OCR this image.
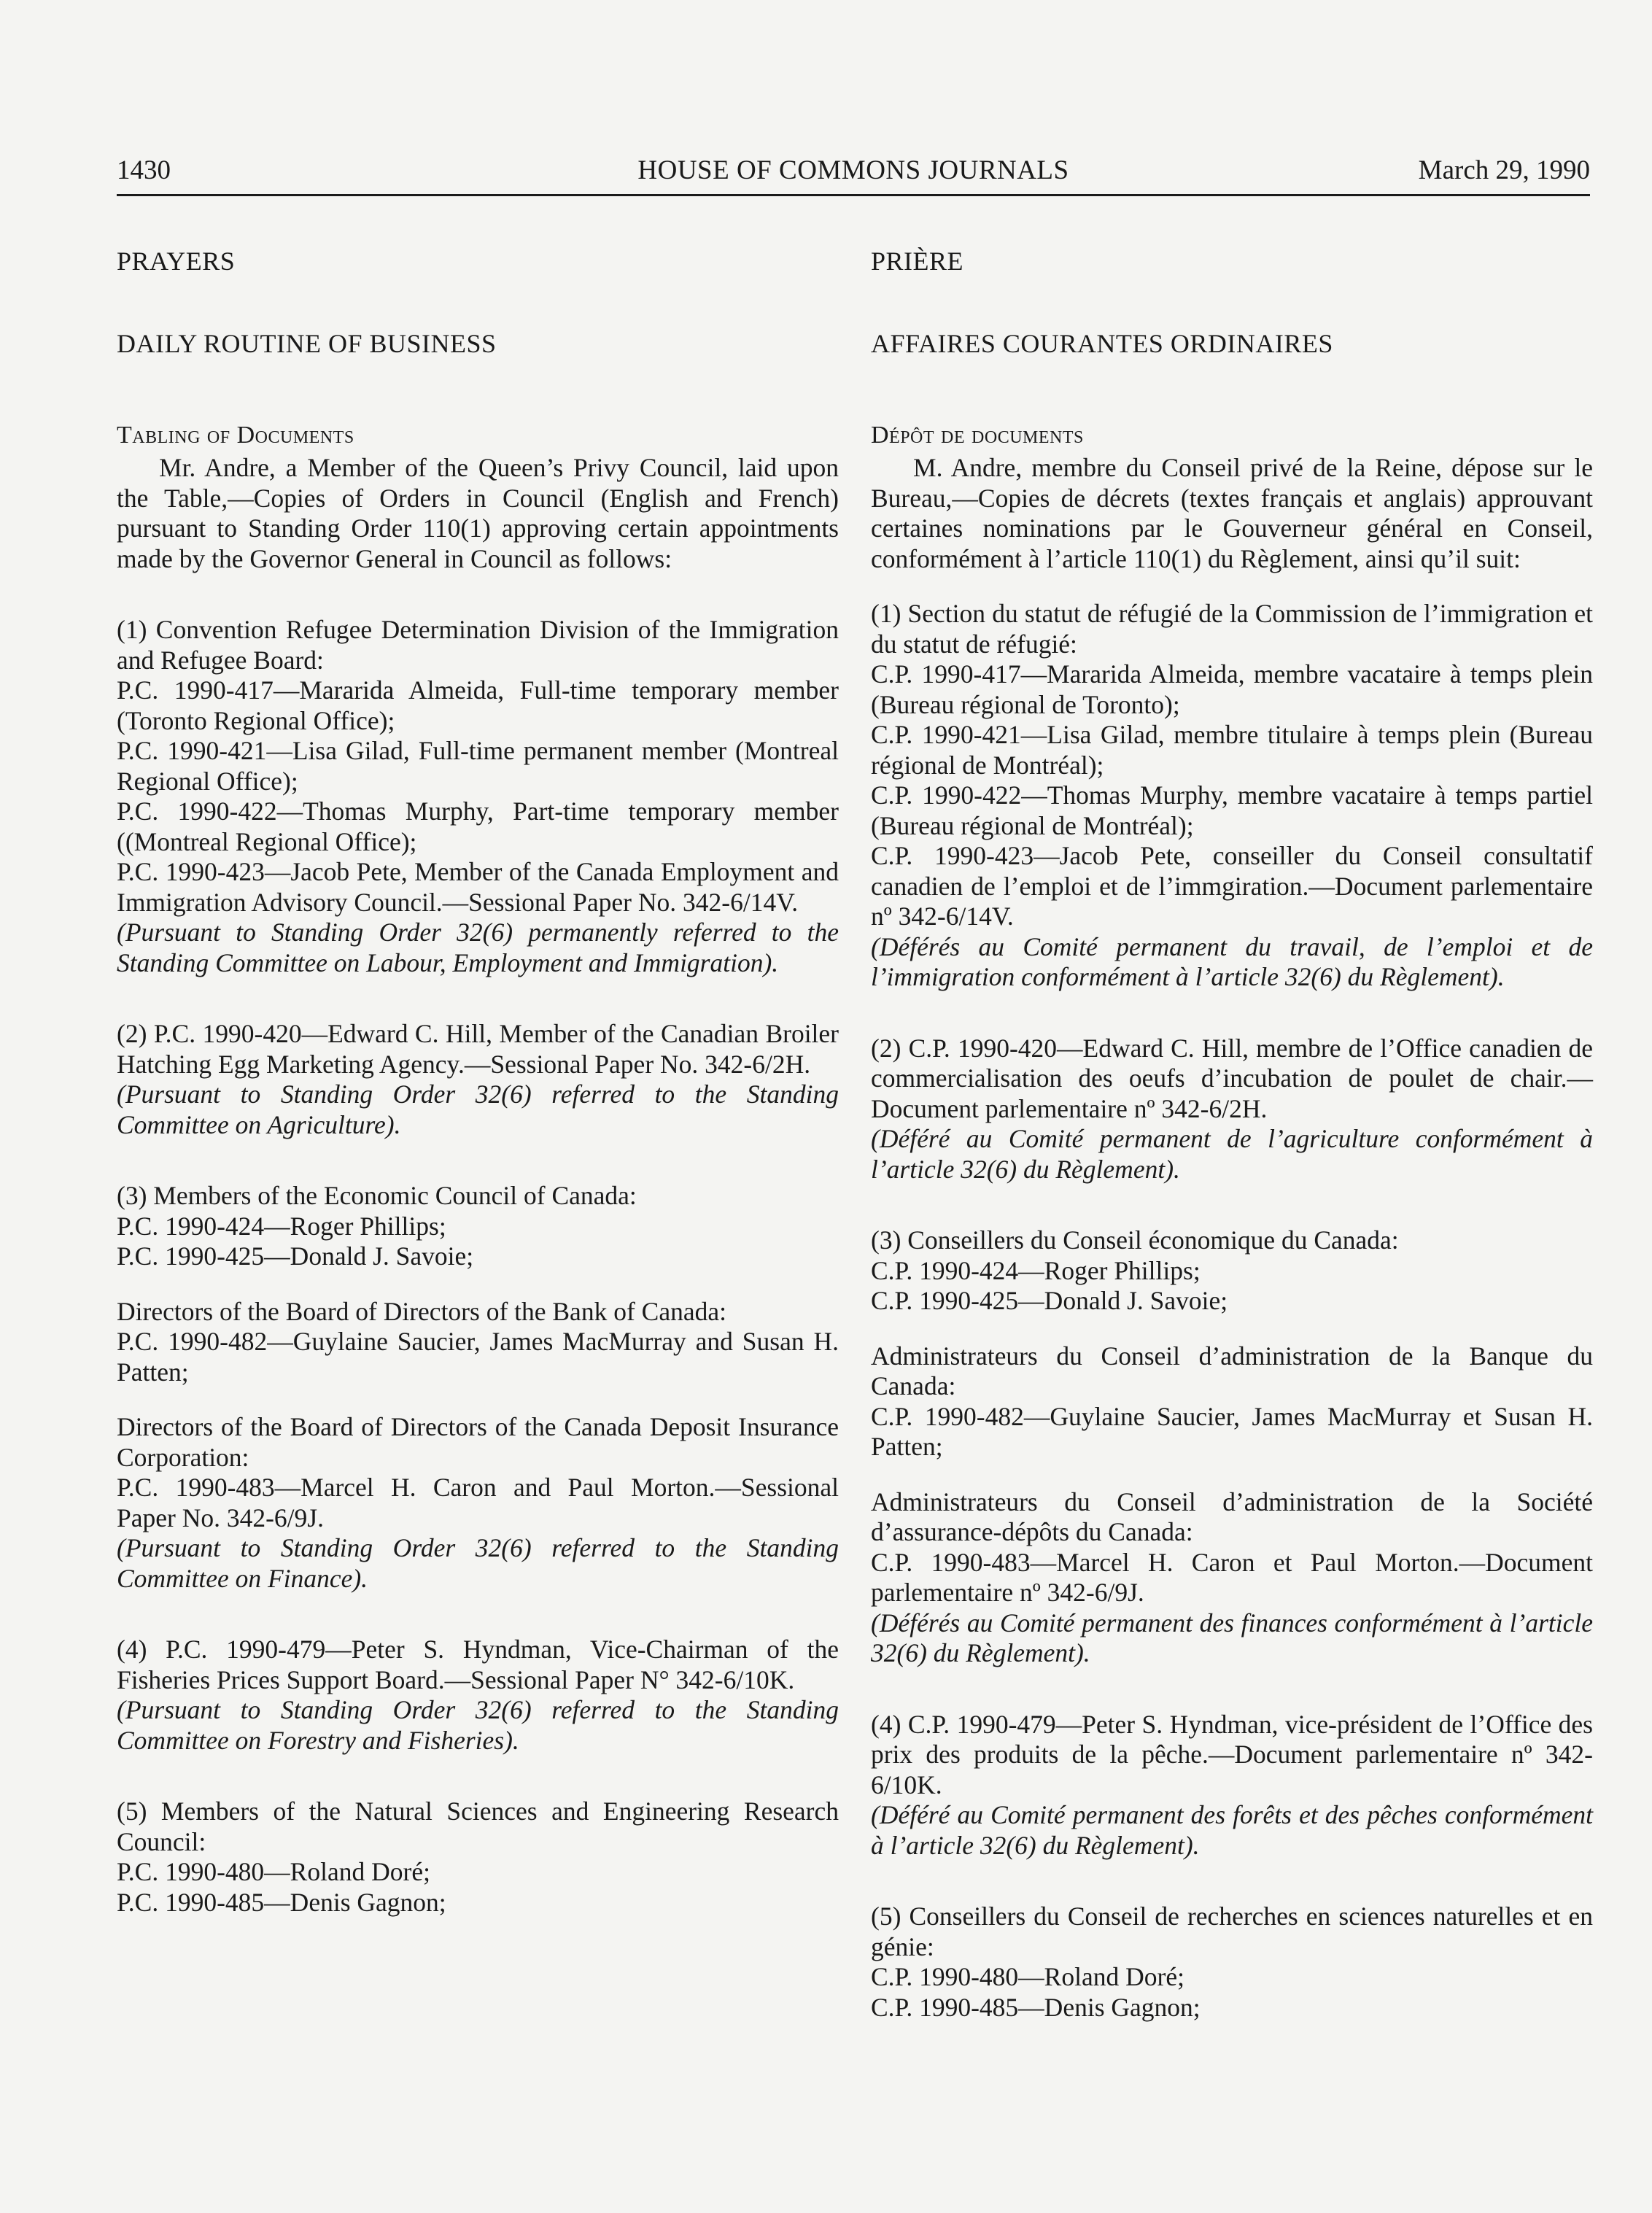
1430	HOUSE OF COMMONS JOURNALS	March 29, 1990
PRAYERS
DAILY ROUTINE OF BUSINESS
Tabling of Documents

Mr. Andre, a Member of the Queen’s Privy Council, laid upon the Table,—Copies of Orders in Council (English and French) pursuant to Standing Order 110(1) approving certain appointments made by the Governor General in Council as follows:

(1) Convention Refugee Determination Division of the Immigration and Refugee Board:

P.C. 1990-417—Mararida Almeida, Full-time temporary member (Toronto Regional Office);

P.C. 1990-421—Lisa Gilad, Full-time permanent member (Montreal Regional Office);

P.C. 1990-422—Thomas Murphy, Part-time temporary member ((Montreal Regional Office);

P.C. 1990-423—Jacob Pete, Member of the Canada Employment and Immigration Advisory Council.—Sessional Paper No. 342-6/14V.

(Pursuant to Standing Order 32(6) permanently referred to the Standing Committee on Labour, Employment and Immigration).

(2) P.C. 1990-420—Edward C. Hill, Member of the Canadian Broiler Hatching Egg Marketing Agency.—Sessional Paper No. 342-6/2H.

(Pursuant to Standing Order 32(6) referred to the Standing Committee on Agriculture).

(3) Members of the Economic Council of Canada:

P.C. 1990-424—Roger Phillips;

P.C. 1990-425—Donald J. Savoie;

Directors of the Board of Directors of the Bank of Canada:

P.C. 1990-482—Guylaine Saucier, James MacMurray and Susan H. Patten;

Directors of the Board of Directors of the Canada Deposit Insurance Corporation:

P.C. 1990-483—Marcel H. Caron and Paul Morton.—Sessional Paper No. 342-6/9J.

(Pursuant to Standing Order 32(6) referred to the Standing Committee on Finance).

(4) P.C. 1990-479—Peter S. Hyndman, Vice-Chairman of the Fisheries Prices Support Board.—Sessional Paper N° 342-6/10K.

(Pursuant to Standing Order 32(6) referred to the Standing Committee on Forestry and Fisheries).

(5) Members of the Natural Sciences and Engineering Research Council:

P.C. 1990-480—Roland Doré;

P.C. 1990-485—Denis Gagnon;

PRIÈRE
AFFAIRES COURANTES ORDINAIRES
Dépôt de documents

M. Andre, membre du Conseil privé de la Reine, dépose sur le Bureau,—Copies de décrets (textes français et anglais) approuvant certaines nominations par le Gouverneur général en Conseil, conformément à l’article 110(1) du Règlement, ainsi qu’il suit:

(1) Section du statut de réfugié de la Commission de l’immigration et du statut de réfugié:

C.P. 1990-417—Mararida Almeida, membre vacataire à temps plein (Bureau régional de Toronto);

C.P. 1990-421—Lisa Gilad, membre titulaire à temps plein (Bureau régional de Montréal);

C.P. 1990-422—Thomas Murphy, membre vacataire à temps partiel (Bureau régional de Montréal);

C.P. 1990-423—Jacob Pete, conseiller du Conseil consultatif canadien de l’emploi et de l’immgiration.—Document parlementaire nº 342-6/14V.

(Déférés au Comité permanent du travail, de l’emploi et de l’immigration conformément à l’article 32(6) du Règlement).

(2) C.P. 1990-420—Edward C. Hill, membre de l’Office canadien de commercialisation des oeufs d’incubation de poulet de chair.—Document parlementaire nº 342-6/2H.

(Déféré au Comité permanent de l’agriculture conformément à l’article 32(6) du Règlement).

(3) Conseillers du Conseil économique du Canada:

C.P. 1990-424—Roger Phillips;

C.P. 1990-425—Donald J. Savoie;

Administrateurs du Conseil d’administration de la Banque du Canada:

C.P. 1990-482—Guylaine Saucier, James MacMurray et Susan H. Patten;

Administrateurs du Conseil d’administration de la Société d’assurance-dépôts du Canada:

C.P. 1990-483—Marcel H. Caron et Paul Morton.—Document parlementaire nº 342-6/9J.

(Déférés au Comité permanent des finances conformément à l’article 32(6) du Règlement).

(4) C.P. 1990-479—Peter S. Hyndman, vice-président de l’Office des prix des produits de la pêche.—Document parlementaire nº 342-6/10K.

(Déféré au Comité permanent des forêts et des pêches conformément à l’article 32(6) du Règlement).

(5) Conseillers du Conseil de recherches en sciences naturelles et en génie:

C.P. 1990-480—Roland Doré;

C.P. 1990-485—Denis Gagnon;
